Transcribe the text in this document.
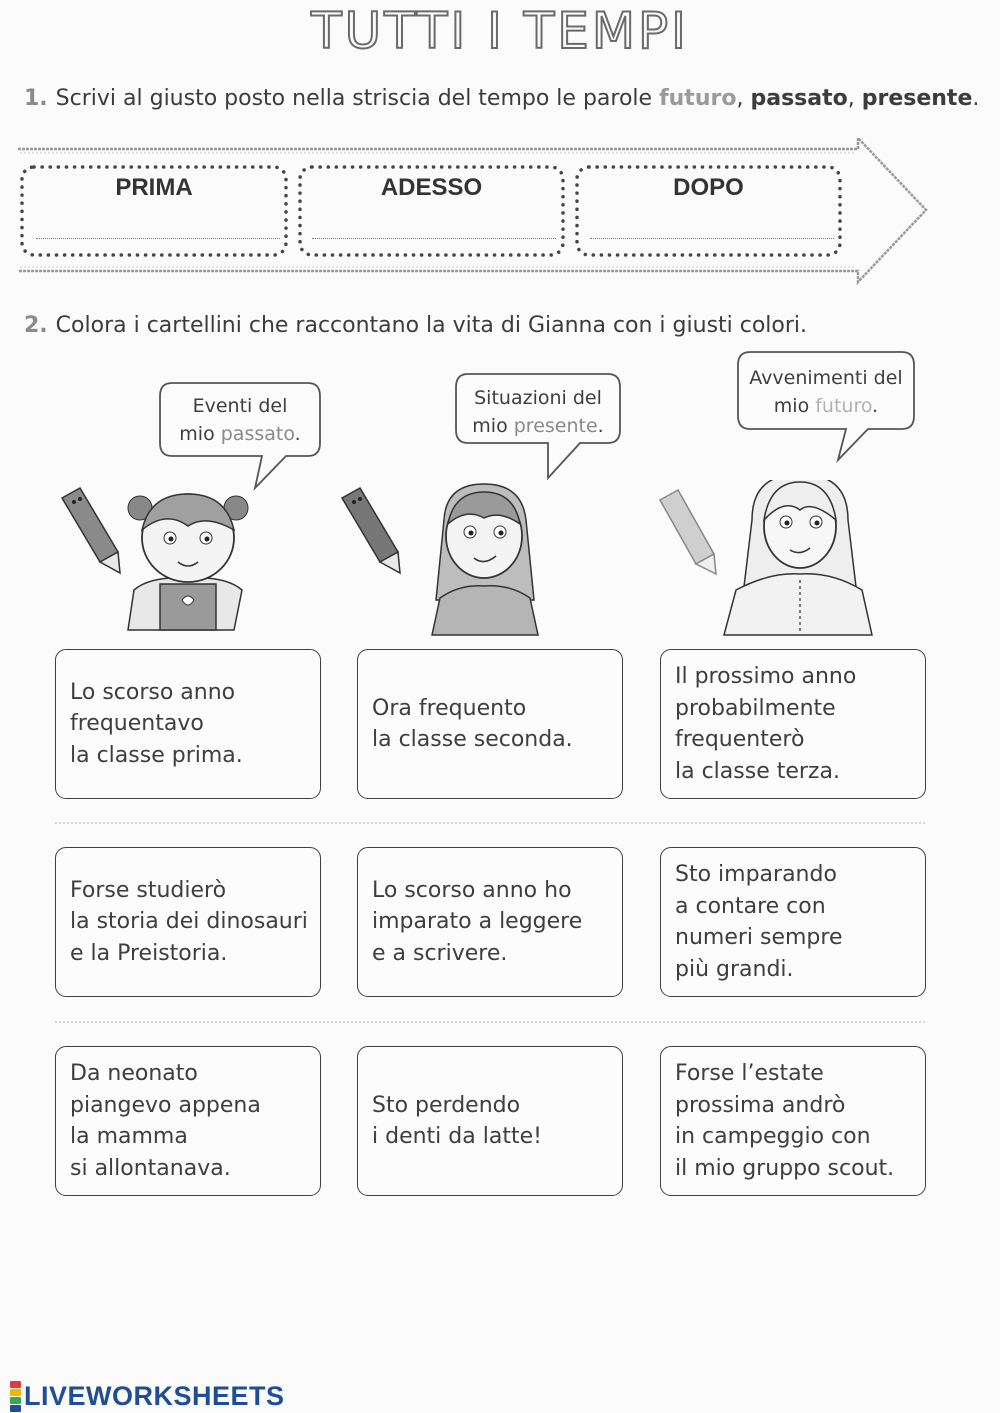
TUTTI I TEMPI
1. Scrivi al giusto posto nella striscia del tempo le parole futuro, passato, presente.
PRIMA	ADESSO	DOPO
2. Colora i cartellini che raccontano la vita di Gianna con i giusti colori.
Eventi del
mio passato.
Situazioni del
mio presente.
Avvenimenti del
mio futuro.
Lo scorso anno
frequentavo
la classe prima.
Ora frequento
la classe seconda.
Il prossimo anno
probabilmente
frequenterò
la classe terza.
Forse studierò
la storia dei dinosauri
e la Preistoria.
Lo scorso anno ho
imparato a leggere
e a scrivere.
Sto imparando
a contare con
numeri sempre
più grandi.
Da neonato
piangevo appena
la mamma
si allontanava.
Sto perdendo
i denti da latte!
Forse l’estate
prossima andrò
in campeggio con
il mio gruppo scout.
LIVEWORKSHEETS
